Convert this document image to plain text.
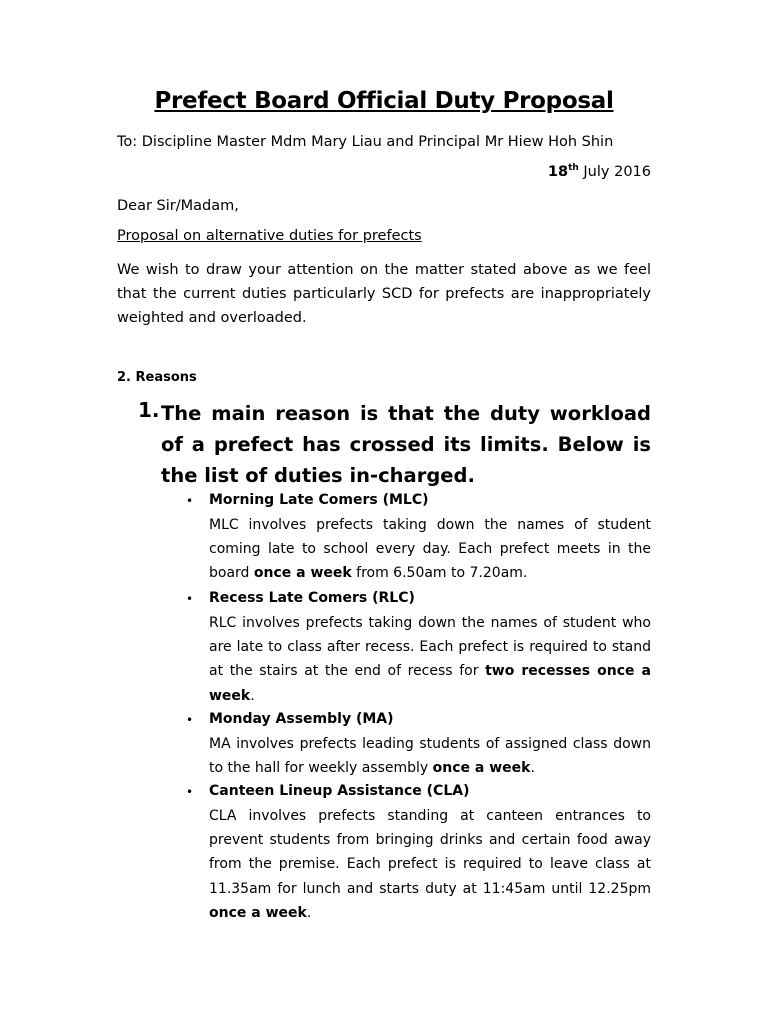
Prefect Board Official Duty Proposal
To: Discipline Master Mdm Mary Liau and Principal Mr Hiew Hoh Shin
18th July 2016
Dear Sir/Madam,
Proposal on alternative duties for prefects
We wish to draw your attention on the matter stated above as we feel that the current duties particularly SCD for prefects are inappropriately weighted and overloaded.
2. Reasons
1. The main reason is that the duty workload of a prefect has crossed its limits. Below is the list of duties in-charged.
• Morning Late Comers (MLC)
MLC involves prefects taking down the names of student coming late to school every day. Each prefect meets in the board once a week from 6.50am to 7.20am.
• Recess Late Comers (RLC)
RLC involves prefects taking down the names of student who are late to class after recess. Each prefect is required to stand at the stairs at the end of recess for two recesses once a week.
• Monday Assembly (MA)
MA involves prefects leading students of assigned class down to the hall for weekly assembly once a week.
• Canteen Lineup Assistance (CLA)
CLA involves prefects standing at canteen entrances to prevent students from bringing drinks and certain food away from the premise. Each prefect is required to leave class at 11.35am for lunch and starts duty at 11:45am until 12.25pm once a week.
